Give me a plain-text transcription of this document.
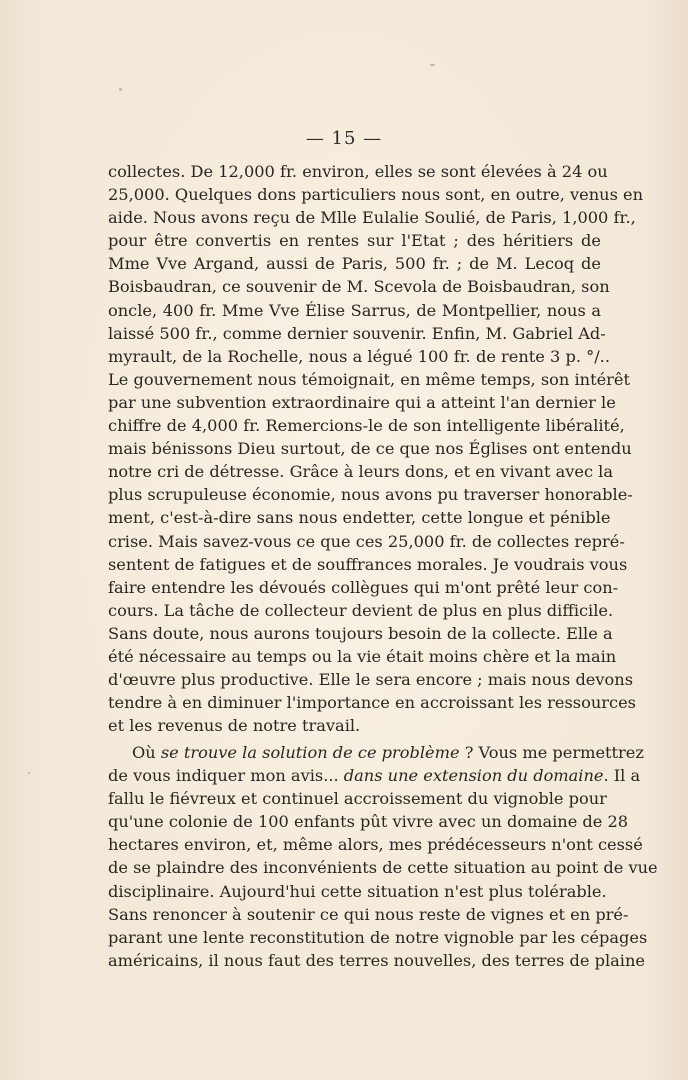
— 15 —
collectes. De 12,000 fr. environ, elles se sont élevées à 24 ou
25,000. Quelques dons particuliers nous sont, en outre, venus en
aide. Nous avons reçu de Mlle Eulalie Soulié, de Paris, 1,000 fr.,
pour être convertis en rentes sur l'Etat ; des héritiers de
Mme Vve Argand, aussi de Paris, 500 fr. ; de M. Lecoq de
Boisbaudran, ce souvenir de M. Scevola de Boisbaudran, son
oncle, 400 fr. Mme Vve Élise Sarrus, de Montpellier, nous a
laissé 500 fr., comme dernier souvenir. Enfin, M. Gabriel Ad-
myrault, de la Rochelle, nous a légué 100 fr. de rente 3 p. °/..
Le gouvernement nous témoignait, en même temps, son intérêt
par une subvention extraordinaire qui a atteint l'an dernier le
chiffre de 4,000 fr. Remercions-le de son intelligente libéralité,
mais bénissons Dieu surtout, de ce que nos Églises ont entendu
notre cri de détresse. Grâce à leurs dons, et en vivant avec la
plus scrupuleuse économie, nous avons pu traverser honorable-
ment, c'est-à-dire sans nous endetter, cette longue et pénible
crise. Mais savez-vous ce que ces 25,000 fr. de collectes repré-
sentent de fatigues et de souffrances morales. Je voudrais vous
faire entendre les dévoués collègues qui m'ont prêté leur con-
cours. La tâche de collecteur devient de plus en plus difficile.
Sans doute, nous aurons toujours besoin de la collecte. Elle a
été nécessaire au temps ou la vie était moins chère et la main
d'œuvre plus productive. Elle le sera encore ; mais nous devons
tendre à en diminuer l'importance en accroissant les ressources
et les revenus de notre travail.
Où se trouve la solution de ce problème ? Vous me permettrez
de vous indiquer mon avis... dans une extension du domaine. Il a
fallu le fiévreux et continuel accroissement du vignoble pour
qu'une colonie de 100 enfants pût vivre avec un domaine de 28
hectares environ, et, même alors, mes prédécesseurs n'ont cessé
de se plaindre des inconvénients de cette situation au point de vue
disciplinaire. Aujourd'hui cette situation n'est plus tolérable.
Sans renoncer à soutenir ce qui nous reste de vignes et en pré-
parant une lente reconstitution de notre vignoble par les cépages
américains, il nous faut des terres nouvelles, des terres de plaine
